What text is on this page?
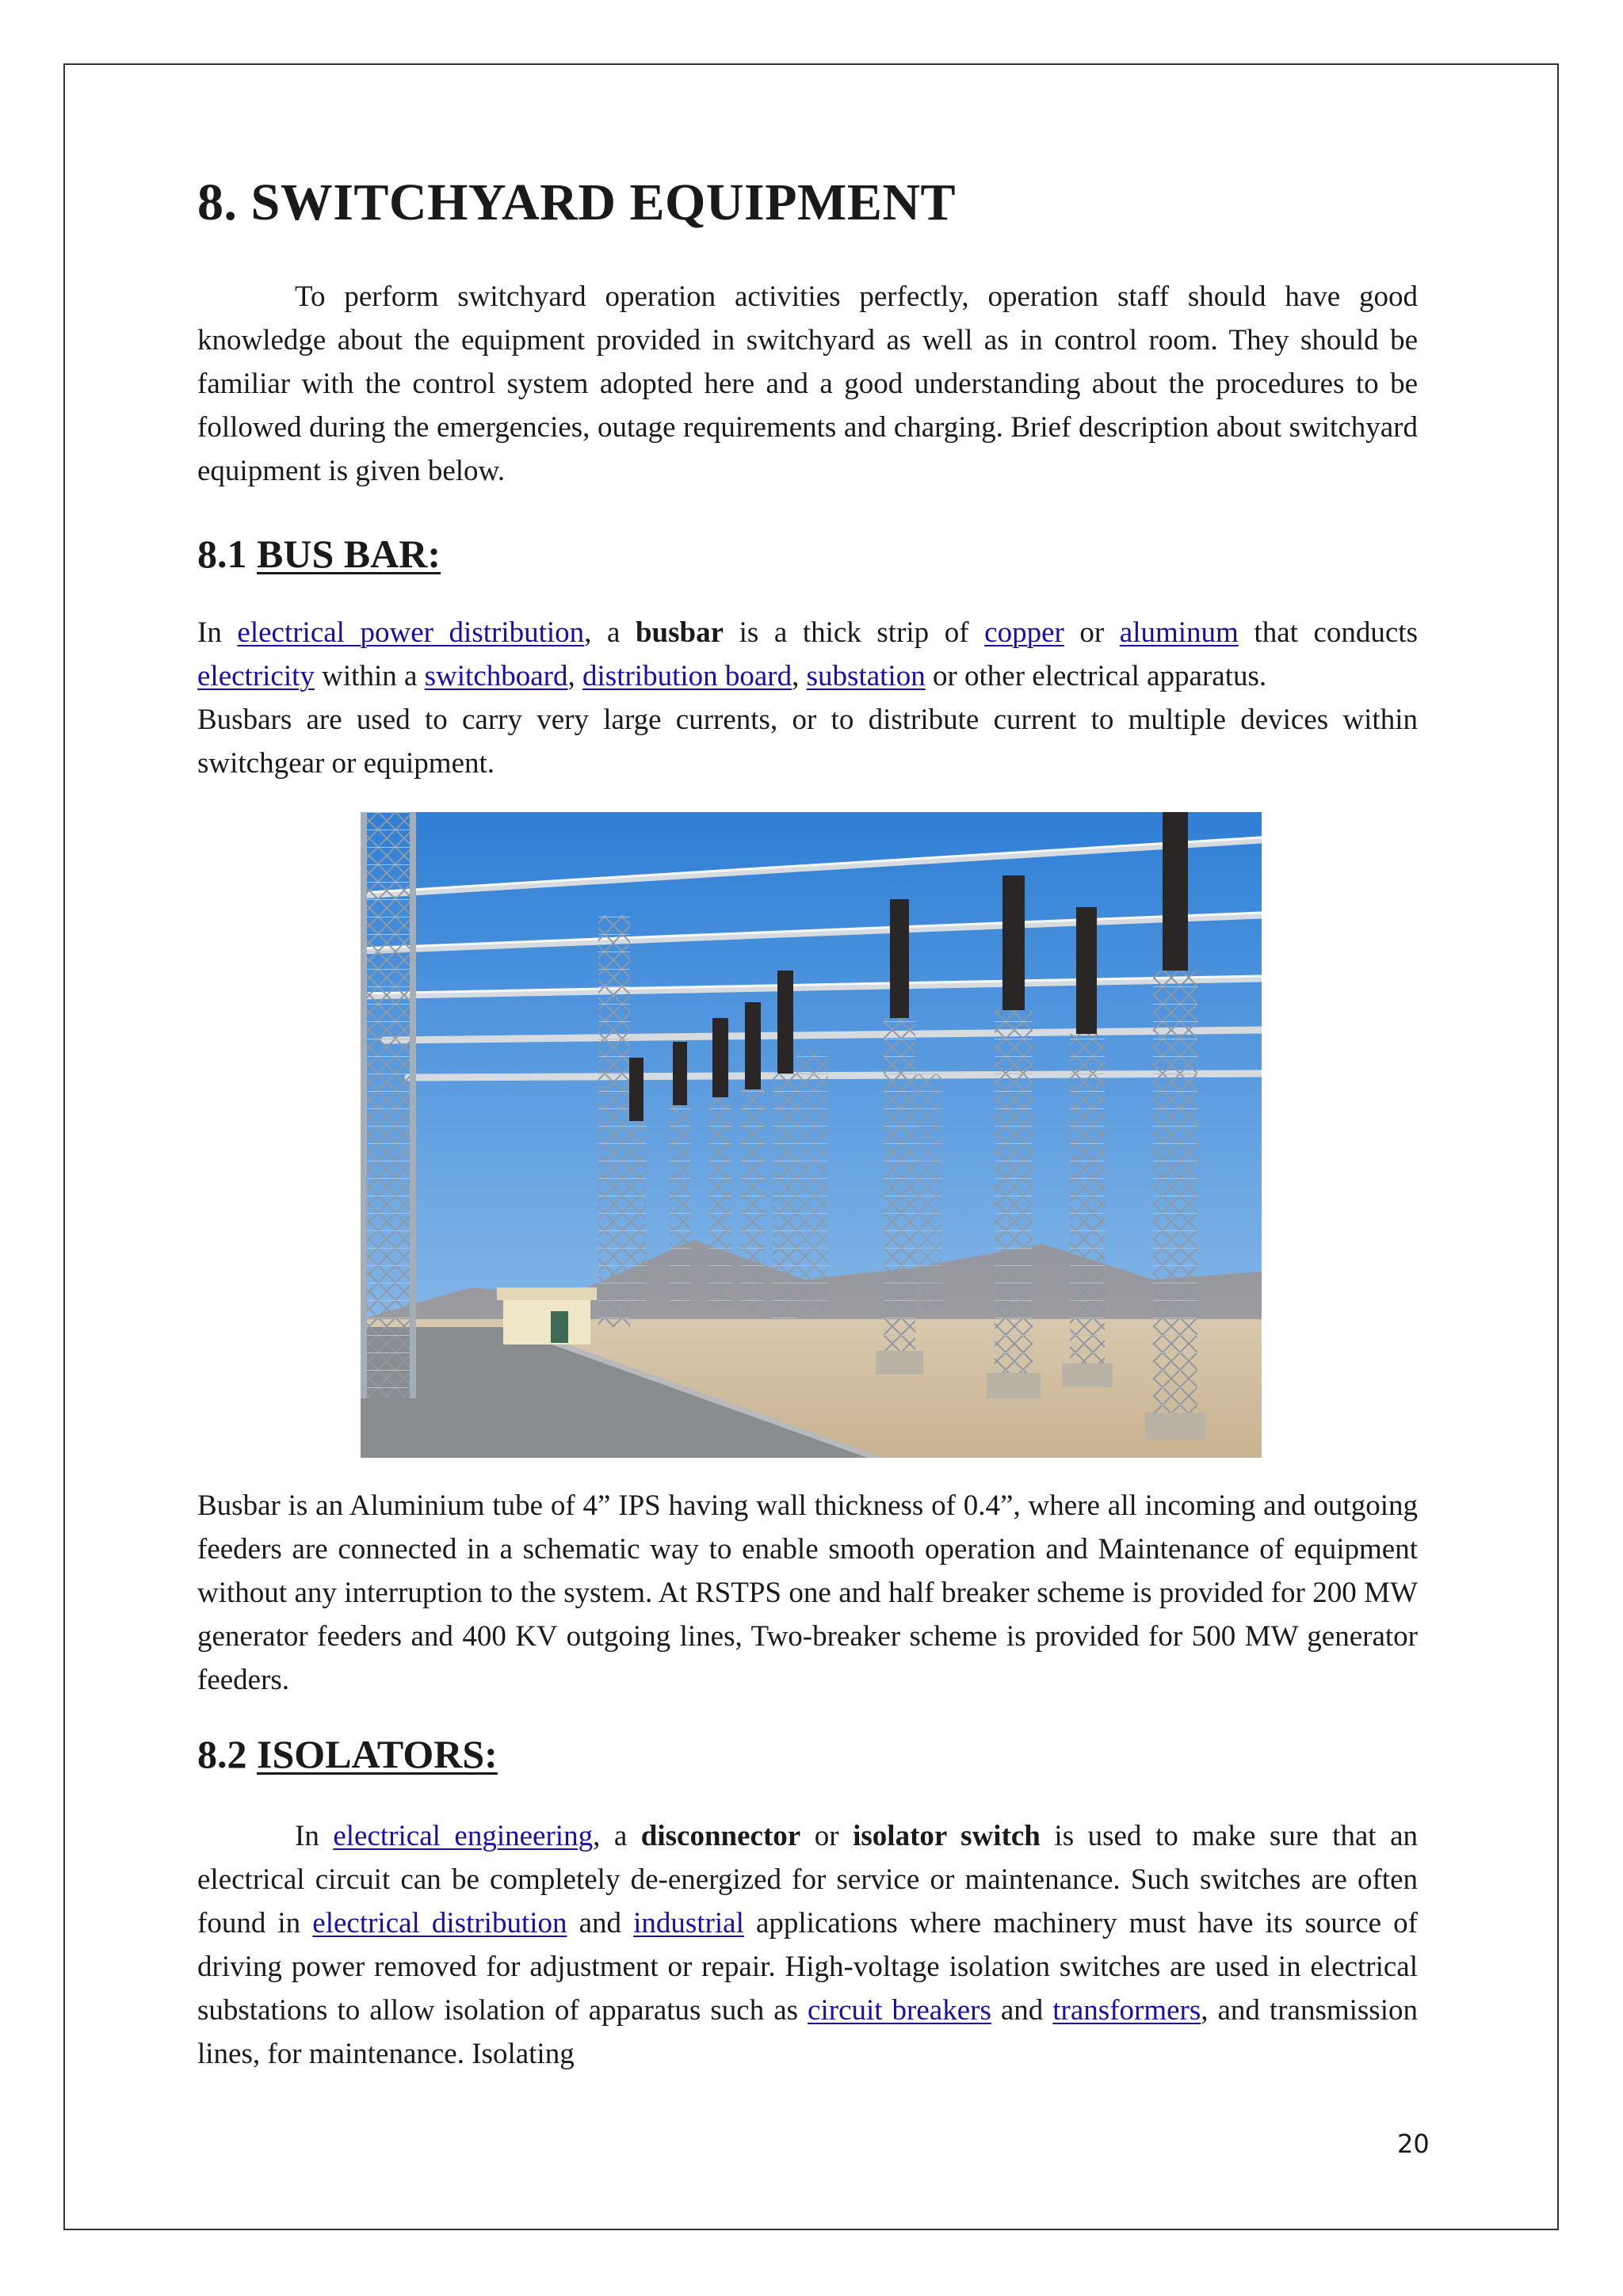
8. SWITCHYARD EQUIPMENT

To perform switchyard operation activities perfectly, operation staff should have good knowledge about the equipment provided in switchyard as well as in control room. They should be familiar with the control system adopted here and a good understanding about the procedures to be followed during the emergencies, outage requirements and charging. Brief description about switchyard equipment is given below.

8.1 BUS BAR:

In electrical power distribution, a busbar is a thick strip of copper or aluminum that conducts electricity within a switchboard, distribution board, substation or other electrical apparatus.
Busbars are used to carry very large currents, or to distribute current to multiple devices within switchgear or equipment.

Busbar is an Aluminium tube of 4” IPS having wall thickness of 0.4”, where all incoming and outgoing feeders are connected in a schematic way to enable smooth operation and Maintenance of equipment without any interruption to the system. At RSTPS one and half breaker scheme is provided for 200 MW generator feeders and 400 KV outgoing lines, Two-breaker scheme is provided for 500 MW generator feeders.

8.2 ISOLATORS:

In electrical engineering, a disconnector or isolator switch is used to make sure that an electrical circuit can be completely de-energized for service or maintenance. Such switches are often found in electrical distribution and industrial applications where machinery must have its source of driving power removed for adjustment or repair. High-voltage isolation switches are used in electrical substations to allow isolation of apparatus such as circuit breakers and transformers, and transmission lines, for maintenance. Isolating

20
